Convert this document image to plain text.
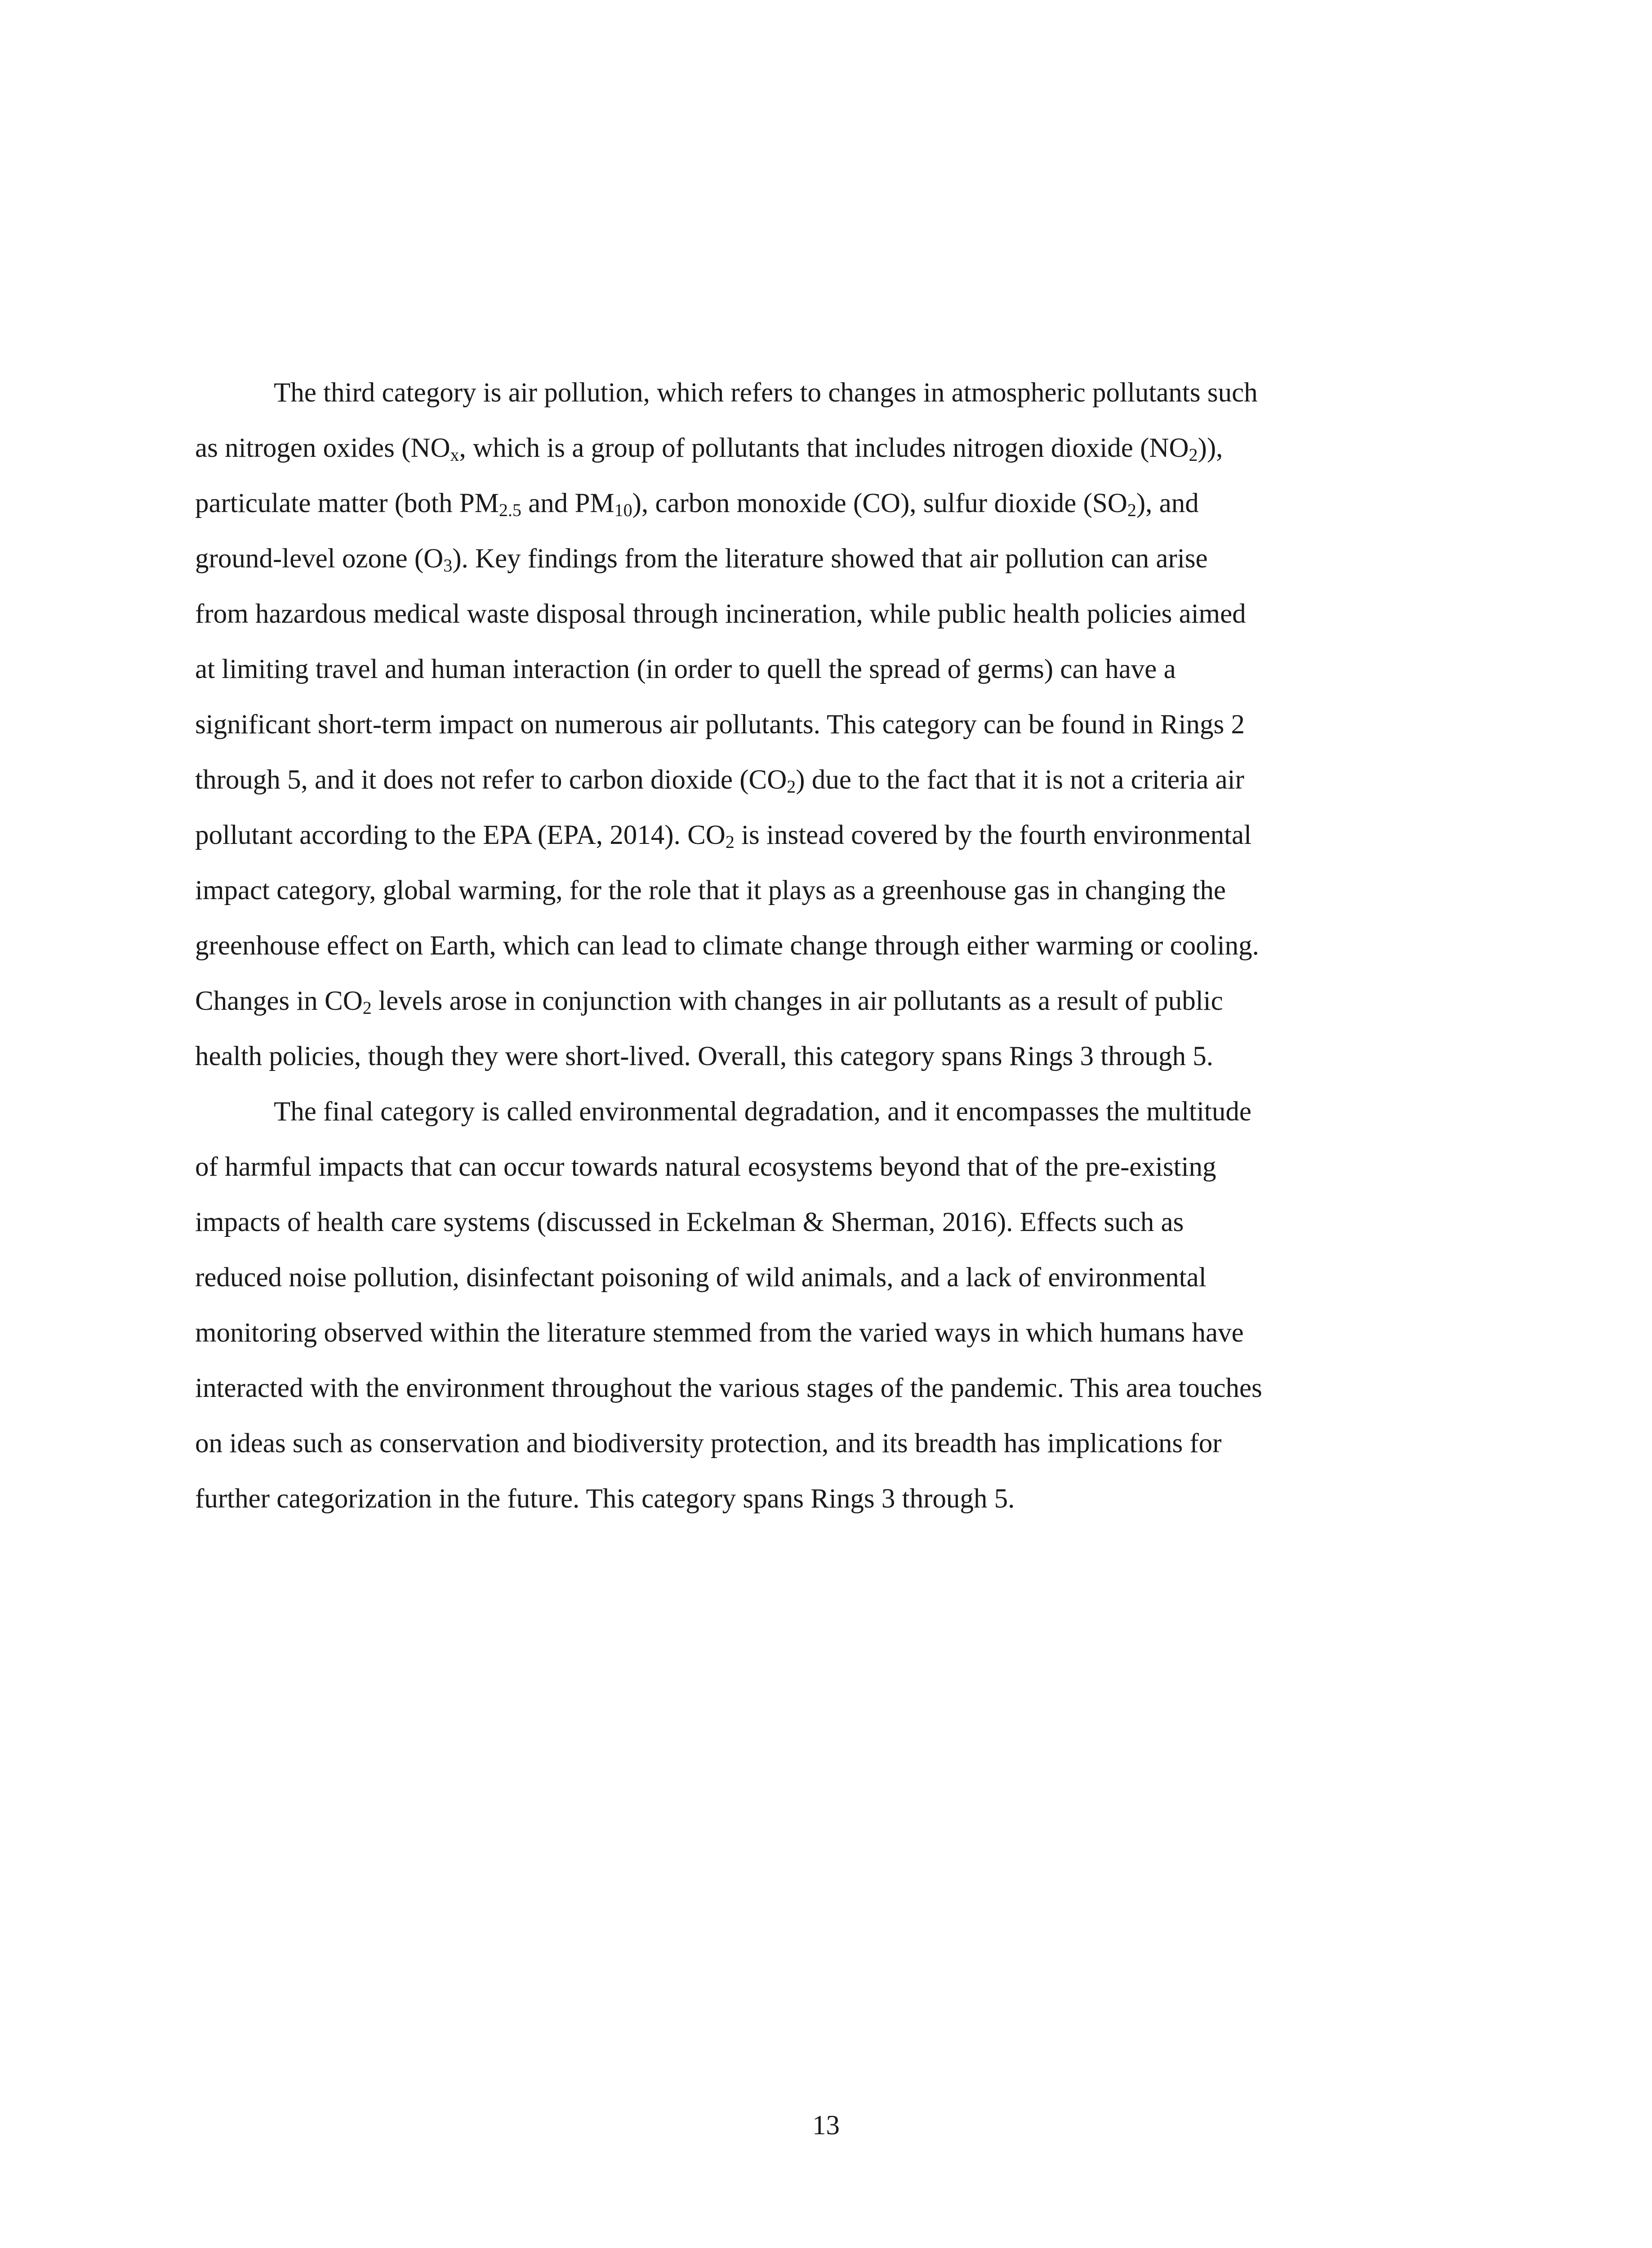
The third category is air pollution, which refers to changes in atmospheric pollutants such
as nitrogen oxides ($NO_x$, which is a group of pollutants that includes nitrogen dioxide $(NO_2)$),
particulate matter (both $PM_{2.5}$ and $PM_{10}$), carbon monoxide (CO), sulfur dioxide $(SO_2)$, and
ground-level ozone $(O_3)$. Key findings from the literature showed that air pollution can arise
from hazardous medical waste disposal through incineration, while public health policies aimed
at limiting travel and human interaction (in order to quell the spread of germs) can have a
significant short-term impact on numerous air pollutants. This category can be found in Rings 2
through 5, and it does not refer to carbon dioxide $(CO_2)$ due to the fact that it is not a criteria air
pollutant according to the EPA (EPA, 2014). $CO_2$ is instead covered by the fourth environmental
impact category, global warming, for the role that it plays as a greenhouse gas in changing the
greenhouse effect on Earth, which can lead to climate change through either warming or cooling.
Changes in $CO_2$ levels arose in conjunction with changes in air pollutants as a result of public
health policies, though they were short-lived. Overall, this category spans Rings 3 through 5.
The final category is called environmental degradation, and it encompasses the multitude
of harmful impacts that can occur towards natural ecosystems beyond that of the pre-existing
impacts of health care systems (discussed in Eckelman & Sherman, 2016). Effects such as
reduced noise pollution, disinfectant poisoning of wild animals, and a lack of environmental
monitoring observed within the literature stemmed from the varied ways in which humans have
interacted with the environment throughout the various stages of the pandemic. This area touches
on ideas such as conservation and biodiversity protection, and its breadth has implications for
further categorization in the future. This category spans Rings 3 through 5.
13
